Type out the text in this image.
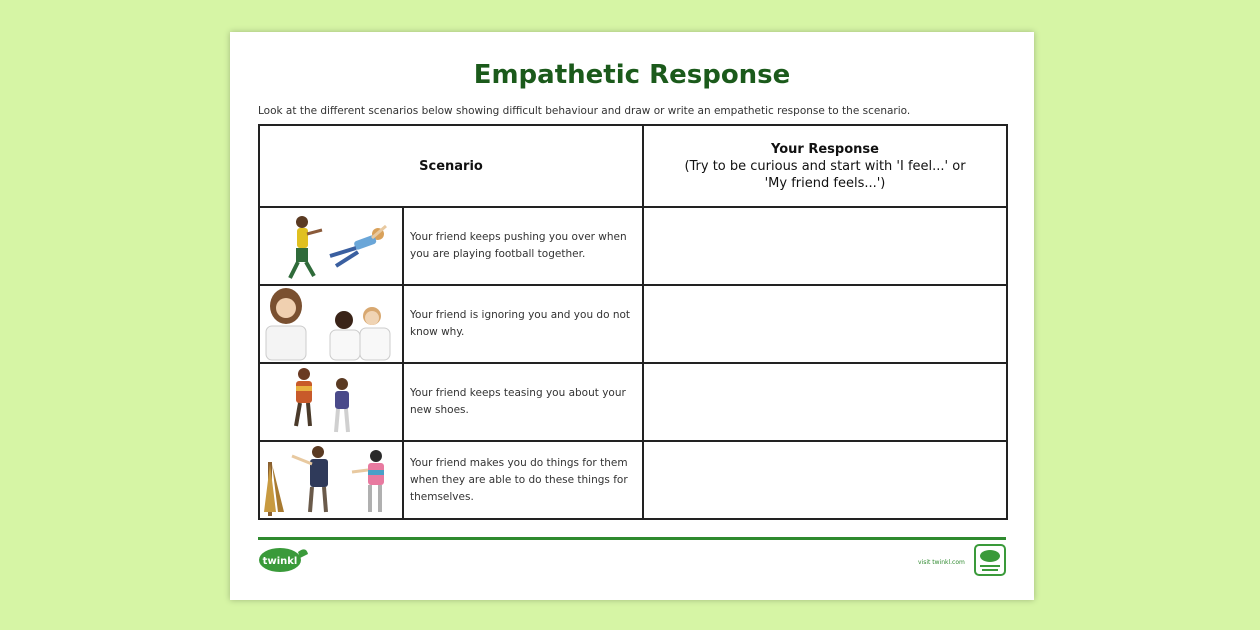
Empathetic Response
Look at the different scenarios below showing difficult behaviour and draw or write an empathetic response to the scenario.
Scenario		Your Response
(Try to be curious and start with 'I feel...' or
'My friend feels...')

	Your friend keeps pushing you over when you are playing football together.	

	Your friend is ignoring you and you do not know why.	

	Your friend keeps teasing you about your new shoes.	

	Your friend makes you do things for them when they are able to do these things for themselves.	
twinkl	visit twinkl.com
